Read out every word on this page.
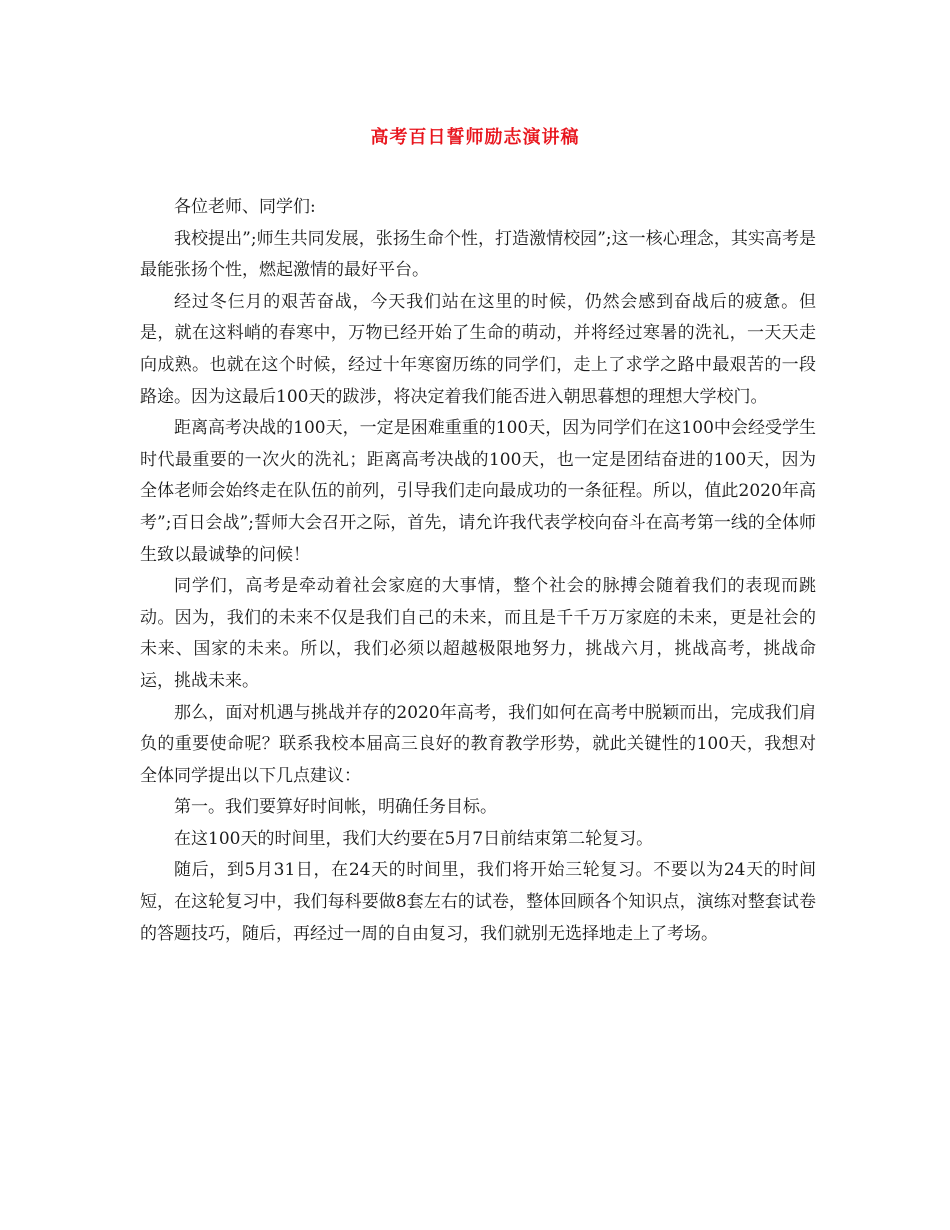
高考百日誓师励志演讲稿

各位老师、同学们:

我校提出”;师生共同发展，张扬生命个性，打造激情校园”;这一核心理念，其实高考是最能张扬个性，燃起激情的最好平台。

经过冬仨月的艰苦奋战，今天我们站在这里的时候，仍然会感到奋战后的疲惫。但是，就在这料峭的春寒中，万物已经开始了生命的萌动，并将经过寒暑的洗礼，一天天走向成熟。也就在这个时候，经过十年寒窗历练的同学们，走上了求学之路中最艰苦的一段路途。因为这最后100天的跋涉，将决定着我们能否进入朝思暮想的理想大学校门。

距离高考决战的100天，一定是困难重重的100天，因为同学们在这100中会经受学生时代最重要的一次火的洗礼；距离高考决战的100天，也一定是团结奋进的100天，因为全体老师会始终走在队伍的前列，引导我们走向最成功的一条征程。所以，值此2020年高考”;百日会战”;誓师大会召开之际，首先，请允许我代表学校向奋斗在高考第一线的全体师生致以最诚挚的问候！

同学们，高考是牵动着社会家庭的大事情，整个社会的脉搏会随着我们的表现而跳动。因为，我们的未来不仅是我们自己的未来，而且是千千万万家庭的未来，更是社会的未来、国家的未来。所以，我们必须以超越极限地努力，挑战六月，挑战高考，挑战命运，挑战未来。

那么，面对机遇与挑战并存的2020年高考，我们如何在高考中脱颖而出，完成我们肩负的重要使命呢？联系我校本届高三良好的教育教学形势，就此关键性的100天，我想对全体同学提出以下几点建议：

第一。我们要算好时间帐，明确任务目标。

在这100天的时间里，我们大约要在5月7日前结束第二轮复习。

随后，到5月31日，在24天的时间里，我们将开始三轮复习。不要以为24天的时间短，在这轮复习中，我们每科要做8套左右的试卷，整体回顾各个知识点，演练对整套试卷的答题技巧，随后，再经过一周的自由复习，我们就别无选择地走上了考场。
